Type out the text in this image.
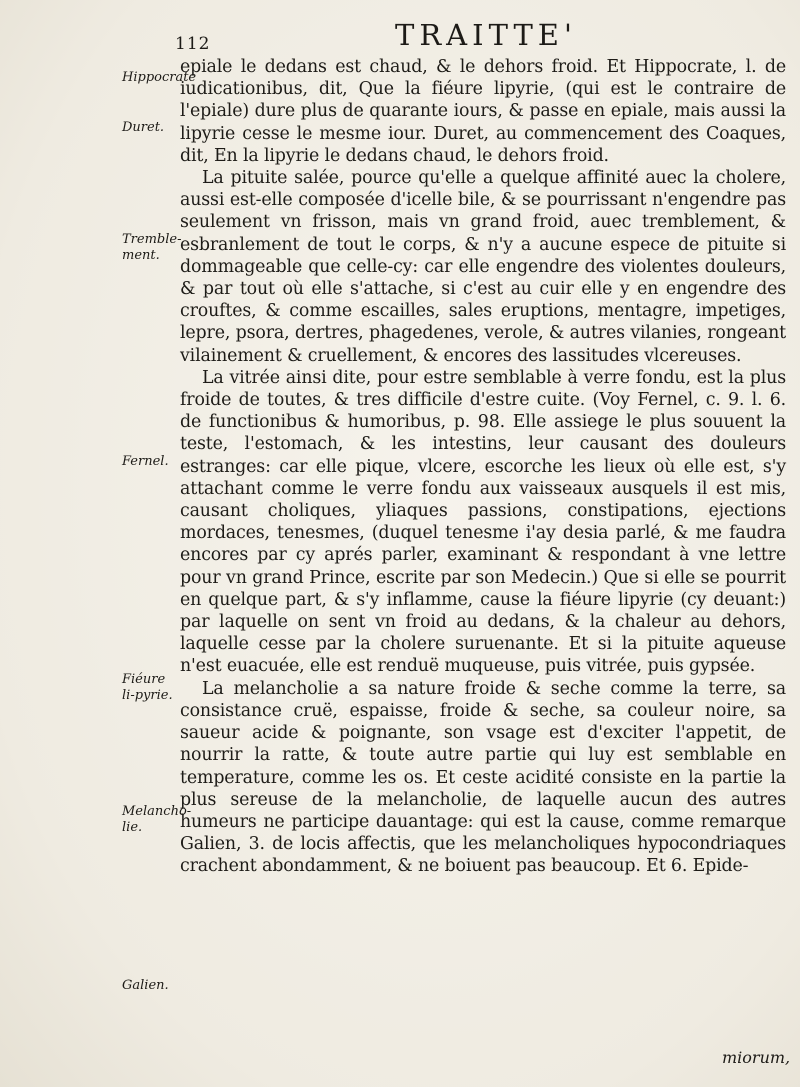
112	TRAITTE'
Hippocrate
Duret.
Tremble-ment.
Fernel.
Fiéure li-pyrie.
Melancho-lie.
Galien.

epiale le dedans est chaud, & le dehors froid. Et Hippocrate, l. de iudicationibus, dit, Que la fiéure lipyrie, (qui est le contraire de l'epiale) dure plus de quarante iours, & passe en epiale, mais aussi la lipyrie cesse le mesme iour. Duret, au commencement des Coaques, dit, En la lipyrie le dedans chaud, le dehors froid.

La pituite salée, pource qu'elle a quelque affinité auec la cholere, aussi est-elle composée d'icelle bile, & se pourrissant n'engendre pas seulement vn frisson, mais vn grand froid, auec tremblement, & esbranlement de tout le corps, & n'y a aucune espece de pituite si dommageable que celle-cy: car elle engendre des violentes douleurs, & par tout où elle s'attache, si c'est au cuir elle y en engendre des crouftes, & comme escailles, sales eruptions, mentagre, impetiges, lepre, psora, dertres, phagedenes, verole, & autres vilanies, rongeant vilainement & cruellement, & encores des lassitudes vlcereuses.

La vitrée ainsi dite, pour estre semblable à verre fondu, est la plus froide de toutes, & tres difficile d'estre cuite. (Voy Fernel, c. 9. l. 6. de functionibus & humoribus, p. 98. Elle assiege le plus souuent la teste, l'estomach, & les intestins, leur causant des douleurs estranges: car elle pique, vlcere, escorche les lieux où elle est, s'y attachant comme le verre fondu aux vaisseaux ausquels il est mis, causant choliques, yliaques passions, constipations, ejections mordaces, tenesmes, (duquel tenesme i'ay desia parlé, & me faudra encores par cy aprés parler, examinant & respondant à vne lettre pour vn grand Prince, escrite par son Medecin.) Que si elle se pourrit en quelque part, & s'y inflamme, cause la fiéure lipyrie (cy deuant:) par laquelle on sent vn froid au dedans, & la chaleur au dehors, laquelle cesse par la cholere suruenante. Et si la pituite aqueuse n'est euacuée, elle est renduë muqueuse, puis vitrée, puis gypsée.

La melancholie a sa nature froide & seche comme la terre, sa consistance cruë, espaisse, froide & seche, sa couleur noire, sa saueur acide & poignante, son vsage est d'exciter l'appetit, de nourrir la ratte, & toute autre partie qui luy est semblable en temperature, comme les os. Et ceste acidité consiste en la partie la plus sereuse de la melancholie, de laquelle aucun des autres humeurs ne participe dauantage: qui est la cause, comme remarque Galien, 3. de locis affectis, que les melancholiques hypocondriaques crachent abondamment, & ne boiuent pas beaucoup. Et 6. Epide-

miorum,
